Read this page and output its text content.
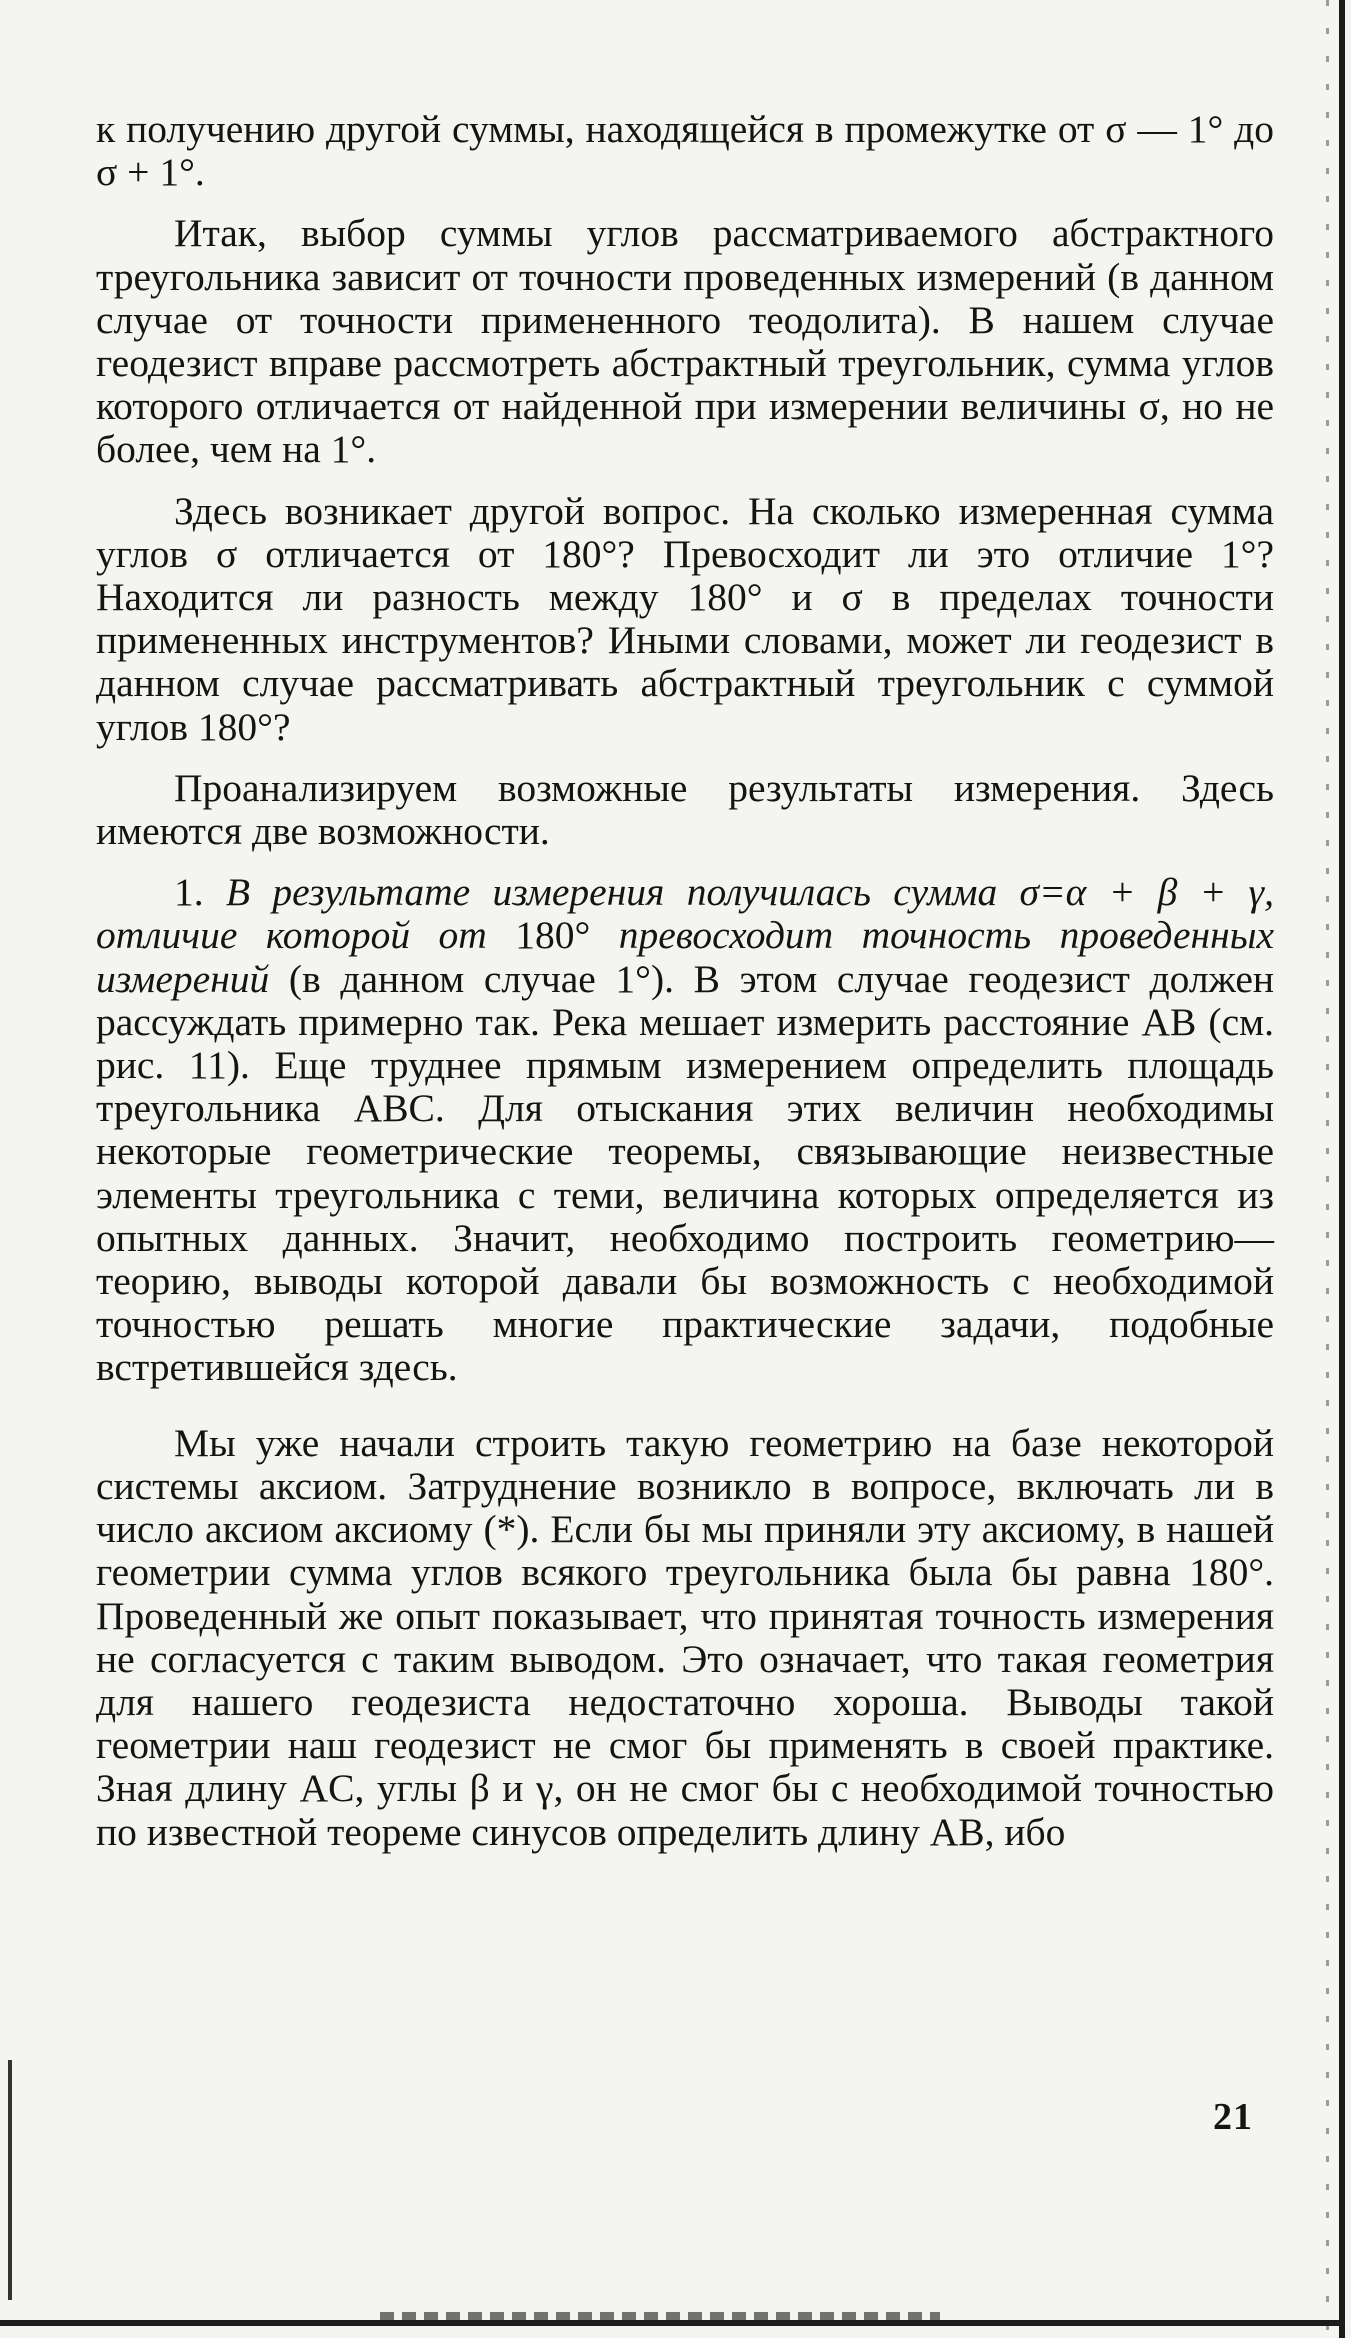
к получению другой суммы, находящейся в промежутке от σ — 1° до σ + 1°.

Итак, выбор суммы углов рассматриваемого абстрактного треугольника зависит от точности проведенных измерений (в данном случае от точности примененного теодолита). В нашем случае геодезист вправе рассмотреть абстрактный треугольник, сумма углов которого отличается от найденной при измерении величины σ, но не более, чем на 1°.

Здесь возникает другой вопрос. На сколько измеренная сумма углов σ отличается от 180°? Превосходит ли это отличие 1°? Находится ли разность между 180° и σ в пределах точности примененных инструментов? Иными словами, может ли геодезист в данном случае рассматривать абстрактный треугольник с суммой углов 180°?

Проанализируем возможные результаты измерения. Здесь имеются две возможности.

1. В результате измерения получилась сумма σ=α + β + γ, отличие которой от 180° превосходит точность проведенных измерений (в данном случае 1°). В этом случае геодезист должен рассуждать примерно так. Река мешает измерить расстояние AB (см. рис. 11). Еще труднее прямым измерением определить площадь треугольника ABC. Для отыскания этих величин необходимы некоторые геометрические теоремы, связывающие неизвестные элементы треугольника с теми, величина которых определяется из опытных данных. Значит, необходимо построить геометрию—теорию, выводы которой давали бы возможность с необходимой точностью решать многие практические задачи, подобные встретившейся здесь.

Мы уже начали строить такую геометрию на базе некоторой системы аксиом. Затруднение возникло в вопросе, включать ли в число аксиом аксиому (*). Если бы мы приняли эту аксиому, в нашей геометрии сумма углов всякого треугольника была бы равна 180°. Проведенный же опыт показывает, что принятая точность измерения не согласуется с таким выводом. Это означает, что такая геометрия для нашего геодезиста недостаточно хороша. Выводы такой геометрии наш геодезист не смог бы применять в своей практике. Зная длину AC, углы β и γ, он не смог бы с необходимой точностью по известной теореме синусов определить длину AB, ибо

21
